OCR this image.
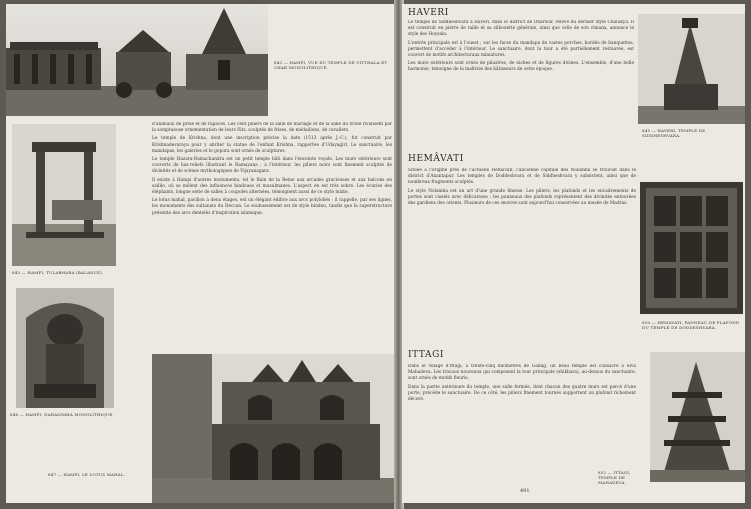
843 — HAMPI, VUE DU TEMPLE DE VITTHALA ET CHAR MONOLITHIQUE.
843 — HAMPI, TULABHARA (BALANCE).
846 — HAMPI, NARASIMHA MONOLITHIQUE.
847 — HAMPI, LE LOTUS MAHAL.

d'animaux de proie et de rapaces. Les cent piliers de la salle de mariage et de la salle du trône rivalisent par la somptueuse ornementation de leurs fûts, sculptés de frises, de médaillons, de cavaliers.

Le temple de Krishna, dont une inscription précise la date (1513 après J.-C.), fut construit par Krishnadevaraya pour y abriter la statue de l'enfant Krishna, rapportée d'Udayagiri. Le sanctuaire, les mandapas, les galeries et le gopura sont ornés de sculptures.

Le temple Hazara-Ramachandra est un petit temple bâti dans l'enceinte royale. Les murs extérieurs sont couverts de bas-reliefs illustrant le Ramayana ; à l'intérieur, les piliers noirs sont finement sculptés de divinités et de scènes mythologiques de Vijayanagara.

Il existe à Hampi d'autres monuments, tel le Bain de la Reine aux arcades gracieuses et aux balcons en saillie, où se mêlent des influences hindoues et musulmanes. L'aspect en est très sobre. Les écuries des éléphants, longue série de salles à coupoles alternées, témoignent aussi de ce style mixte.

Le lotus mahal, pavillon à deux étages, est un élégant édifice aux arcs polylobés ; il rappelle, par ses lignes, les monuments des sultanats du Deccan. Le soubassement est de style hindou, tandis que la superstructure présente des arcs dentelés d'inspiration islamique.

HAVERI

Le temple de Siddheshvara à Haveri, dans le district de Dharwar, relève du dernier style Châlukya. Il est construit en pierre de taille et sa silhouette générale, ainsi que celle de son vimana, annonce le style des Hoysala.

L'entrée principale est à l'ouest ; sur les faces du mandapa de vastes porches, bordés de banquettes, permettent d'accéder à l'intérieur. Le sanctuaire, dont la tour a été partiellement restaurée, est couvert de motifs architecturaux miniatures.

Les murs extérieurs sont ornés de pilastres, de niches et de figures divines. L'ensemble, d'une belle harmonie, témoigne de la maîtrise des bâtisseurs de cette époque.

845 — HAVERI, TEMPLE DE SIDDHESHVARA.
HEMÂVATI

Située à l'origine près de l'actuelle Hemavati, l'ancienne capitale des Nolamba se trouvait dans le district d'Anantapur. Les temples de Doddeshvara et de Siddheshvara y subsistent, ainsi que de nombreux fragments sculptés.

Le style Nolamba est un art d'une grande finesse. Les piliers, les plafonds et les encadrements de portes sont ciselés avec délicatesse ; les panneaux des plafonds représentent des divinités entourées des gardiens des orients. Plusieurs de ces œuvres sont aujourd'hui conservées au musée de Madras.

850 — HEMAVATI, PANNEAU DE PLAFOND DU TEMPLE DE DODDESHVARA.
ITTAGI

Dans le village d'Ittagi, à trente-cinq kilomètres de Gadag, un beau temple est consacré à Siva Mahadeva. Les travaux nouveaux qui composent la tour principale (shikhara), au-dessus du sanctuaire, sont ornés de motifs fleuris.

Dans la partie antérieure du temple, une salle fermée, dont chacun des quatre murs est percé d'une porte, précède le sanctuaire. De ce côté, les piliers finement tournés supportent un plafond richement décoré.

852 — ITTAGI, TEMPLE DE MAHADEVA.
491
